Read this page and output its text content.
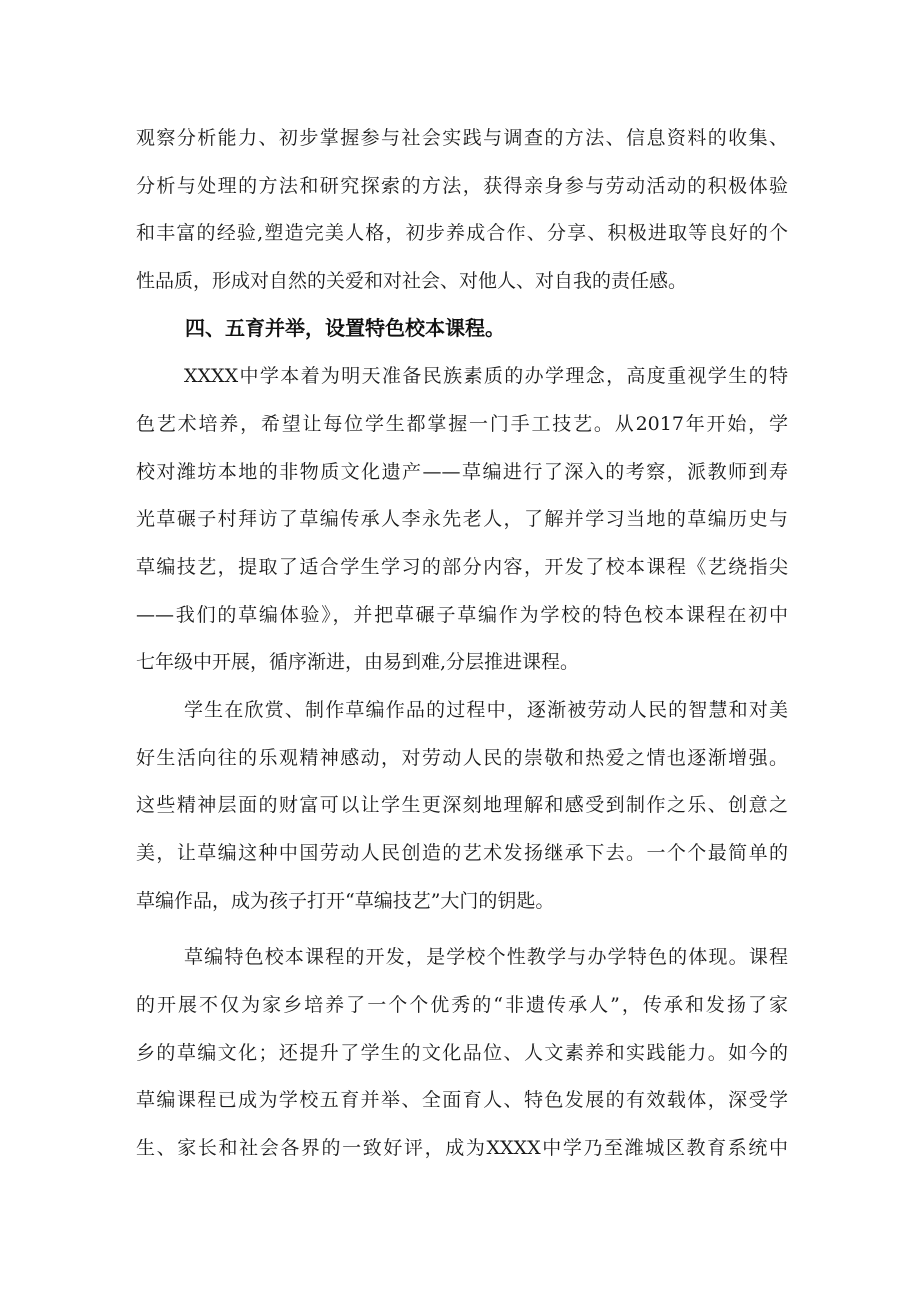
观察分析能力、初步掌握参与社会实践与调查的方法、信息资料的收集、
分析与处理的方法和研究探索的方法，获得亲身参与劳动活动的积极体验
和丰富的经验,塑造完美人格，初步养成合作、分享、积极进取等良好的个
性品质，形成对自然的关爱和对社会、对他人、对自我的责任感。
四、五育并举，设置特色校本课程。
XXXX中学本着为明天准备民族素质的办学理念，高度重视学生的特
色艺术培养，希望让每位学生都掌握一门手工技艺。从2017年开始，学
校对潍坊本地的非物质文化遗产——草编进行了深入的考察，派教师到寿
光草碾子村拜访了草编传承人李永先老人，了解并学习当地的草编历史与
草编技艺，提取了适合学生学习的部分内容，开发了校本课程《艺绕指尖
——我们的草编体验》，并把草碾子草编作为学校的特色校本课程在初中
七年级中开展，循序渐进，由易到难,分层推进课程。
学生在欣赏、制作草编作品的过程中，逐渐被劳动人民的智慧和对美
好生活向往的乐观精神感动，对劳动人民的崇敬和热爱之情也逐渐增强。
这些精神层面的财富可以让学生更深刻地理解和感受到制作之乐、创意之
美，让草编这种中国劳动人民创造的艺术发扬继承下去。一个个最简单的
草编作品，成为孩子打开“草编技艺”大门的钥匙。
草编特色校本课程的开发，是学校个性教学与办学特色的体现。课程
的开展不仅为家乡培养了一个个优秀的“非遗传承人”，传承和发扬了家
乡的草编文化；还提升了学生的文化品位、人文素养和实践能力。如今的
草编课程已成为学校五育并举、全面育人、特色发展的有效载体，深受学
生、家长和社会各界的一致好评，成为XXXX中学乃至潍城区教育系统中
